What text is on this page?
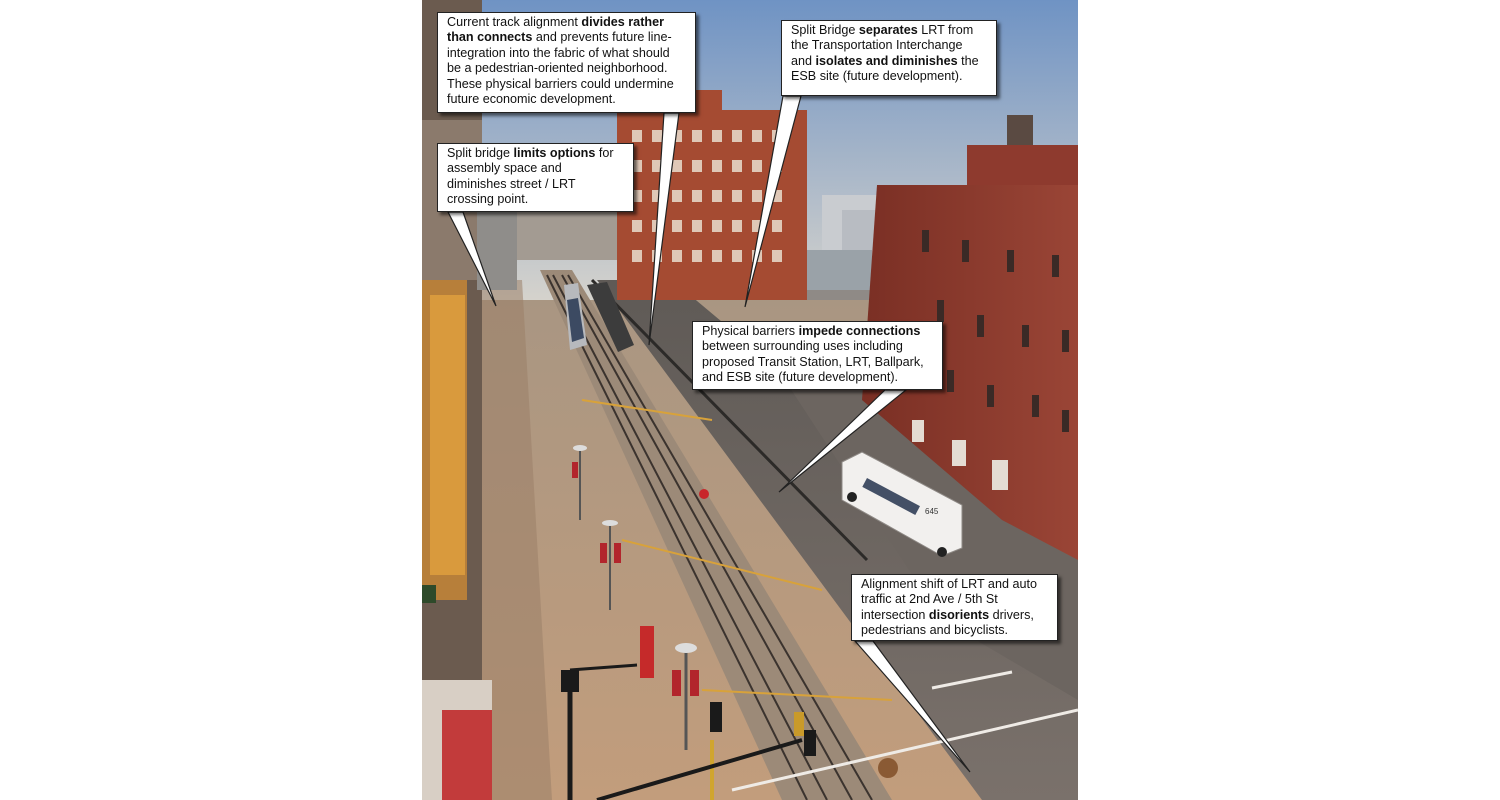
645
Current track alignment divides rather than connects and prevents future line-integration into the fabric of what should be a pedestrian-oriented neighborhood. These physical barriers could undermine future economic development.
Split Bridge separates LRT from the Transportation Interchange and isolates and diminishes the ESB site (future development).
Split bridge limits options for assembly space and diminishes street / LRT crossing point.
Physical barriers impede connections between surrounding uses including proposed Transit Station, LRT, Ballpark, and ESB site (future development).
Alignment shift of LRT and auto traffic at 2nd Ave / 5th St intersection disorients drivers, pedestrians and bicyclists.
